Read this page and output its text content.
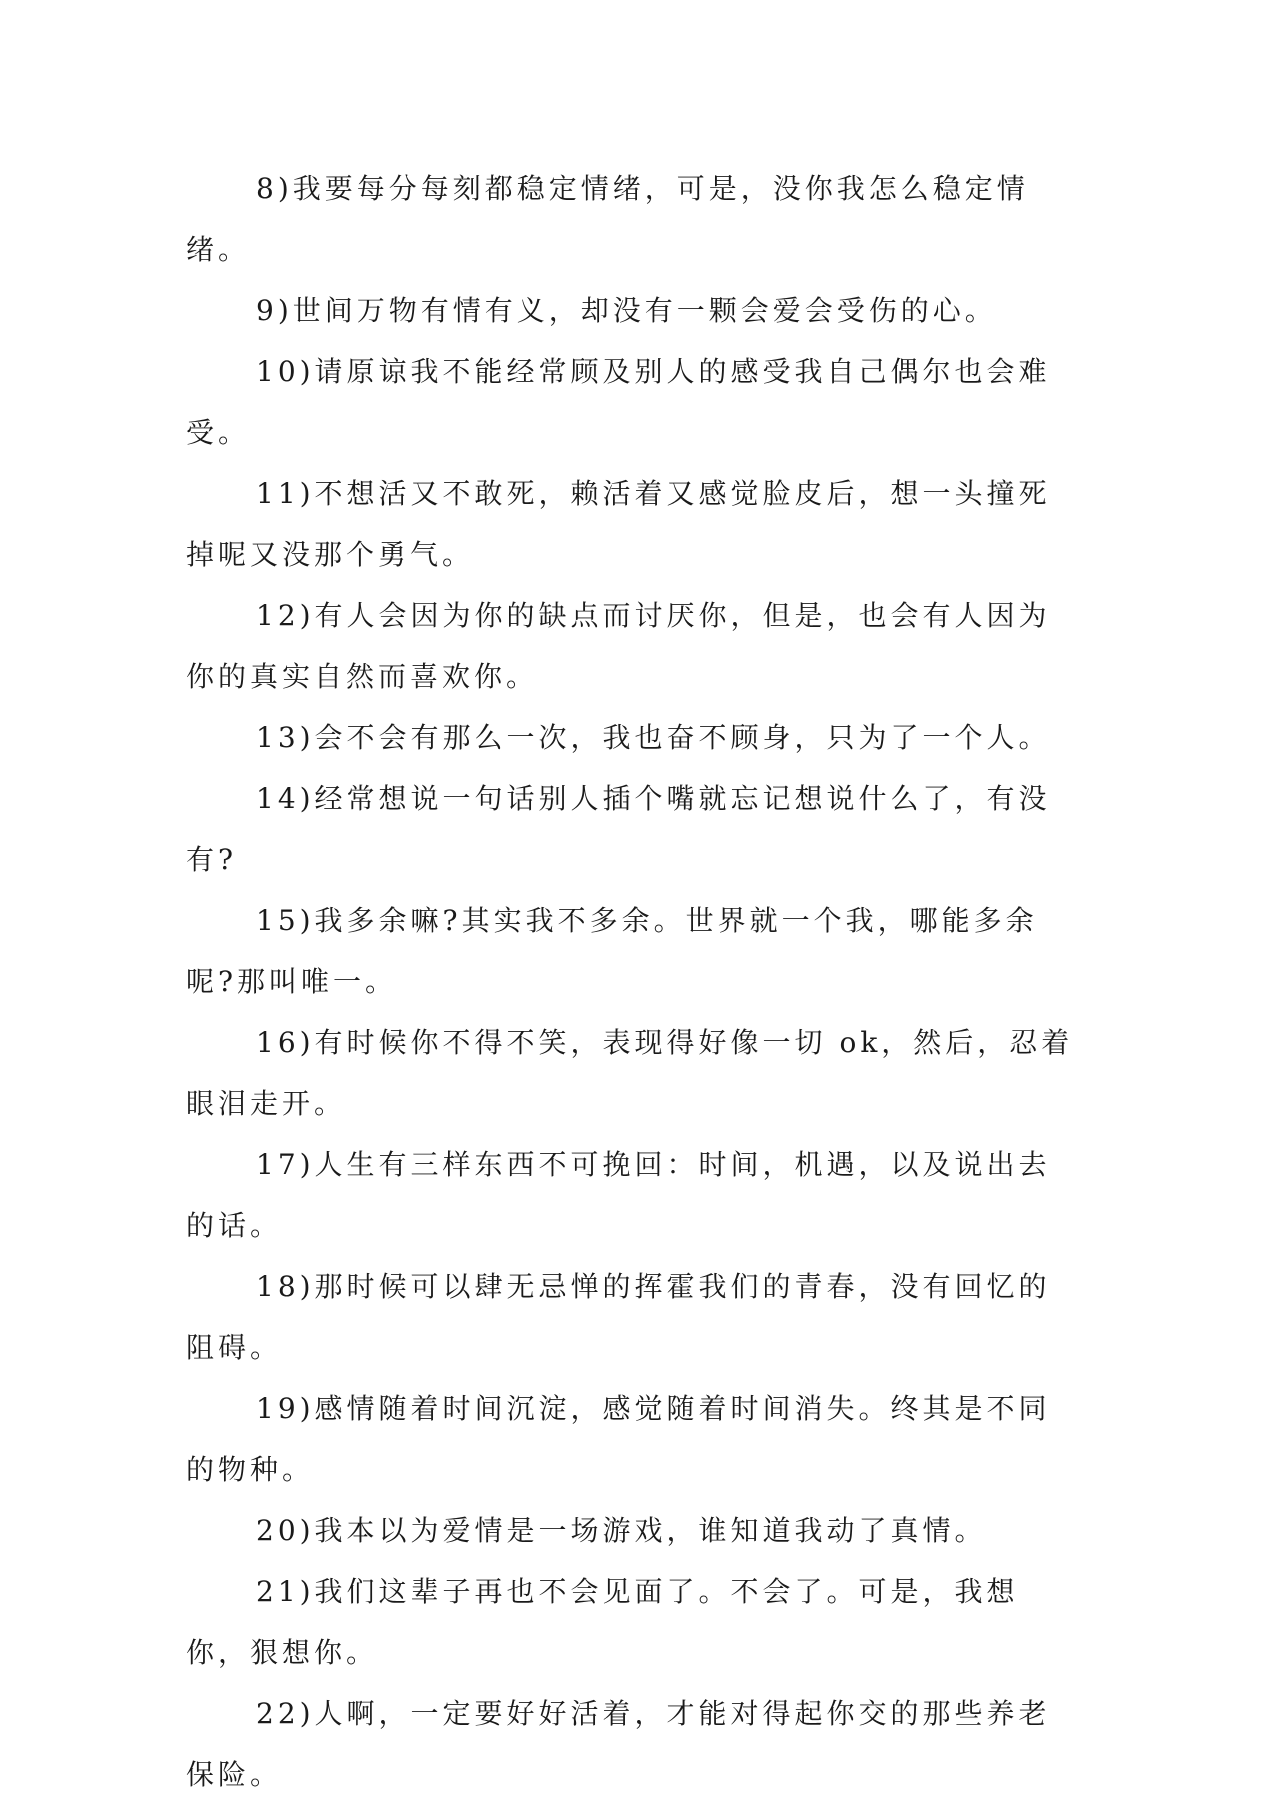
8)我要每分每刻都稳定情绪，可是，没你我怎么稳定情绪。

9)世间万物有情有义，却没有一颗会爱会受伤的心。

10)请原谅我不能经常顾及别人的感受我自己偶尔也会难受。

11)不想活又不敢死，赖活着又感觉脸皮后，想一头撞死掉呢又没那个勇气。

12)有人会因为你的缺点而讨厌你，但是，也会有人因为你的真实自然而喜欢你。

13)会不会有那么一次，我也奋不顾身，只为了一个人。

14)经常想说一句话别人插个嘴就忘记想说什么了，有没有?

15)我多余嘛?其实我不多余。世界就一个我，哪能多余呢?那叫唯一。

16)有时候你不得不笑，表现得好像一切 ok，然后，忍着眼泪走开。

17)人生有三样东西不可挽回：时间，机遇，以及说出去的话。

18)那时候可以肆无忌惮的挥霍我们的青春，没有回忆的阻碍。

19)感情随着时间沉淀，感觉随着时间消失。终其是不同的物种。

20)我本以为爱情是一场游戏，谁知道我动了真情。

21)我们这辈子再也不会见面了。不会了。可是，我想你，狠想你。

22)人啊，一定要好好活着，才能对得起你交的那些养老保险。
